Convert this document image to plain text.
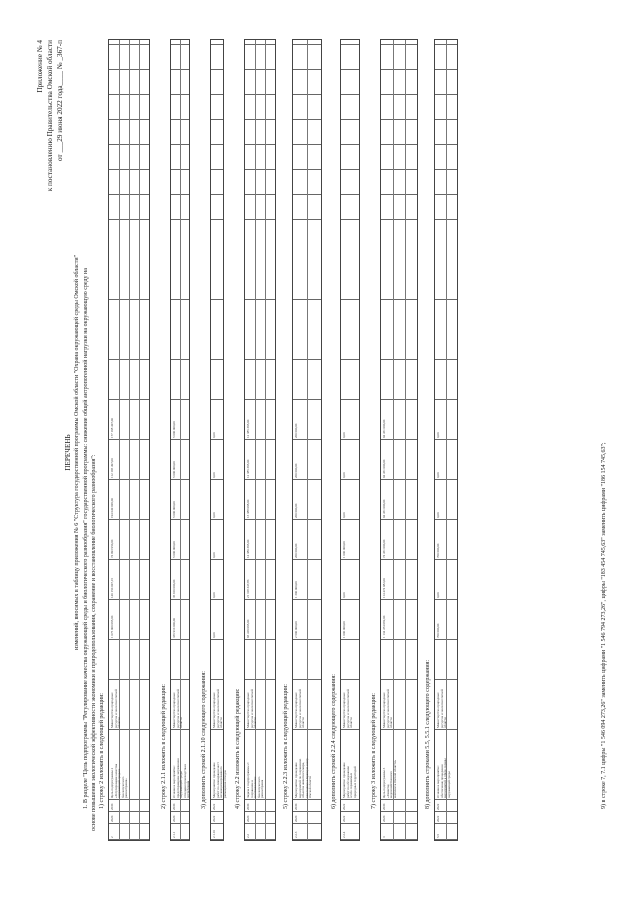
Приложение № 4 к постановлению Правительства Омской области от ___29 июня 2022 года____ № _367-п
ПЕРЕЧЕНЬ изменений, вносимых в таблицу приложения № 6 "Структура государственной программы Омской области "Охрана окружающей среды Омской области" 1. В разделе "Цель подпрограммы "Регулирование качества окружающей среды и биологического разнообразия" государственной программы: снижение общей антропогенной нагрузки на окружающую среду на основе повышения экологической эффективности экономики и природопользования, сохранение и восстановление биологического разнообразия": 1) строку 2 изложить в следующей редакции:
2
2020
2030
Цель подпрограммы 2 «Регулирование качества окружающей среды и биологического разнообразия»
Министерство природных ресурсов и экологии Омской области
1 075 000 095,00
140 150 097,16
74 093 950,00
194 049 096,00
112 195 497,00
177 198 497,00
2) строку 2.1.1 изложить в следующей редакции:
2.1.1
2020
2030
Основное мероприятие: предотвращение загрязнения окружающей среды отходами производства и потребления
Министерство природных ресурсов и экологии Омской области
336 910 000,00
36 910 000,00
5 000 000,00
5 000 000,00
5 000 000,00
5 000 000,00
3) дополнить строкой 2.1.10 следующего содержания:
2.1.10
2022
2022
Мероприятие: проведение работ по ликвидации мест несанкционированного размещения отходов
Министерство природных ресурсов и экологии Омской области
0,00
0,00
0,00
0,00
0,00
0,00
4) строку 2.2 изложить в следующей редакции:
2.2
2020
2030
Задача 2 подпрограммы 2: сохранение и восстановление биологического разнообразия
Министерство природных ресурсов и экологии Омской области
93 419 095,00
21 318 347,86
14 380 395,00
13 388 098,00
12 385 395,00
12 385 395,00
5) строку 2.2.3 изложить в следующей редакции:
2.2.3
2020
2030
Мероприятие: проведение мероприятий по сохранению объектов животного мира, занесенных в Красную книгу Омской области
Министерство природных ресурсов и экологии Омской области
2 600 000,00
1 300 000,00
200 000,00
200 000,00
200 000,00
200 000,00
6) дополнить строкой 2.2.4 следующего содержания:
2.2.4
2022
2022
Мероприятие: проведение работ по обследованию особо охраняемых природных территорий
Министерство природных ресурсов и экологии Омской области
1 000 000,00
0,00
1 000 000,00
0,00
0,00
0,00
7) строку 3 изложить в следующей редакции:
3
2020
2030
Цель подпрограммы 3 «Развитие водохозяйственного комплекса Омской области»
Министерство природных ресурсов и экологии Омской области
1 134 474 082,00
114 474 082,00
74 451 000,00
94 451 000,00
94 451 000,00
94 451 000,00
8) дополнить строками 5.5, 5.5.1 следующего содержания:
5.5
2022
2022
Основное мероприятие: обеспечение проведения мероприятий в сфере охраны окружающей среды
Министерство природных ресурсов и экологии Омской области
700 000,00
0,00
700 000,00
0,00
0,00
0,00
9) в строке 7, 7.1 цифры "1 546 094 273,26" заменить цифрами "1 546 794 273,26", цифры "183 454 745,63" заменить цифрами "186 154 745,63";
